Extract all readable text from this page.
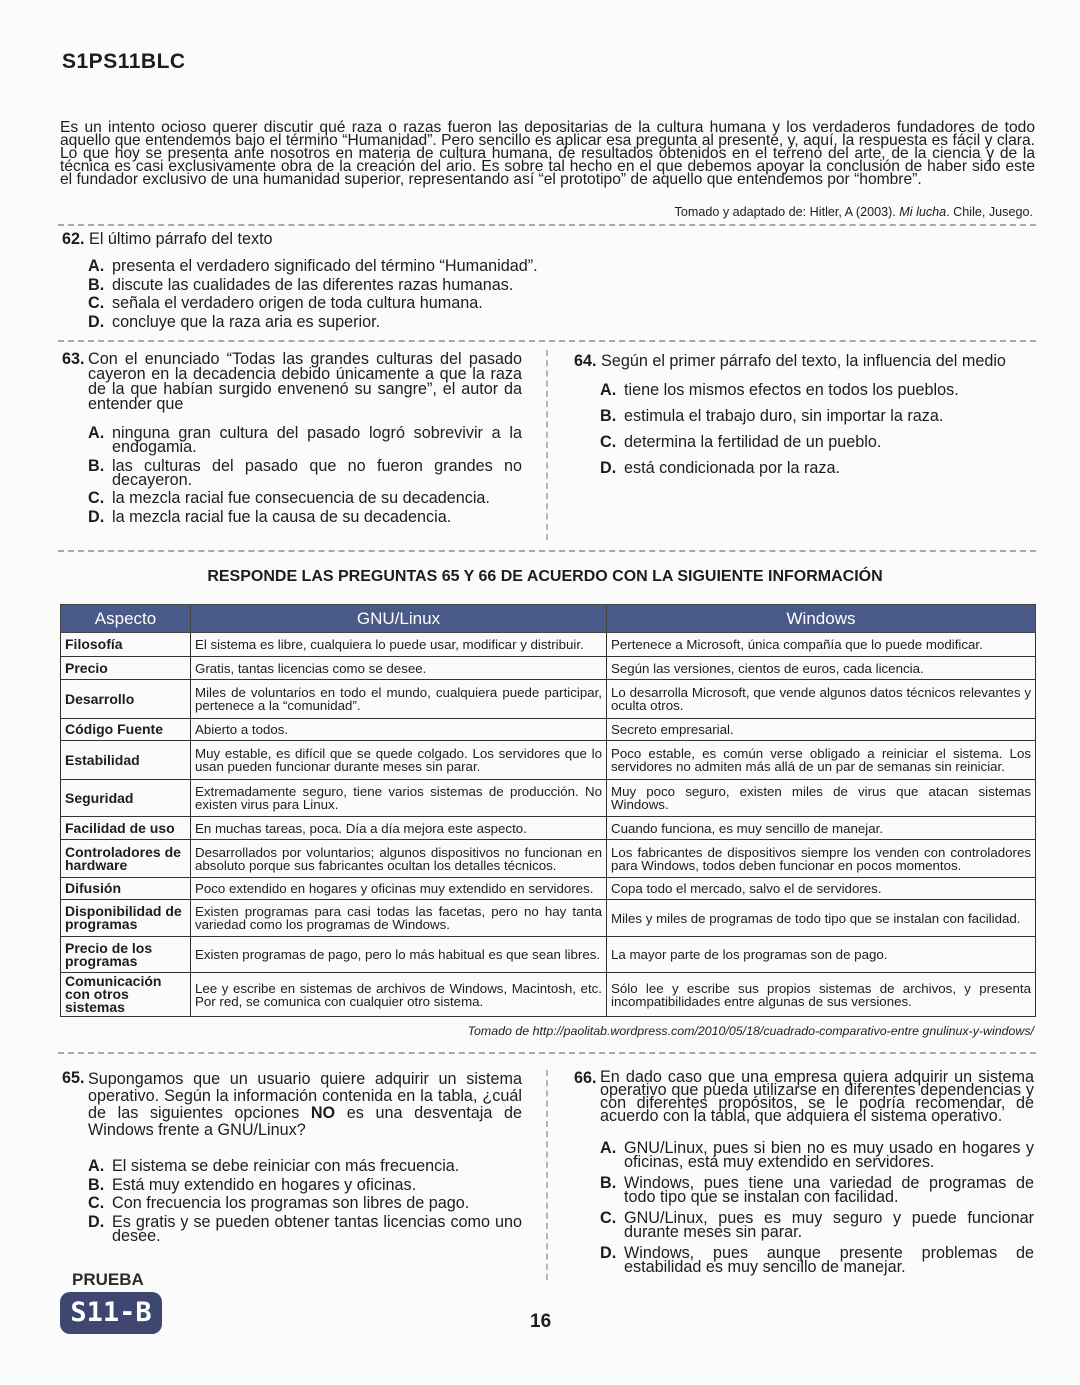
S1PS11BLC
Es un intento ocioso querer discutir qué raza o razas fueron las depositarias de la cultura humana y los verdaderos fundadores de todo aquello que entendemos bajo el término “Humanidad”. Pero sencillo es aplicar esa pregunta al presente, y, aquí, la respuesta es fácil y clara. Lo que hoy se presenta ante nosotros en materia de cultura humana, de resultados obtenidos en el terreno del arte, de la ciencia y de la técnica es casi exclusivamente obra de la creación del ario. Es sobre tal hecho en el que debemos apoyar la conclusión de haber sido este el fundador exclusivo de una humanidad superior, representando así “el prototipo” de aquello que entendemos por “hombre”.
Tomado y adaptado de: Hitler, A (2003). Mi lucha. Chile, Jusego.
62. El último párrafo del texto
A. presenta el verdadero significado del término “Humanidad”.
B. discute las cualidades de las diferentes razas humanas.
C. señala el verdadero origen de toda cultura humana.
D. concluye que la raza aria es superior.
63. Con el enunciado “Todas las grandes culturas del pasado cayeron en la decadencia debido únicamente a que la raza de la que habían surgido envenenó su sangre”, el autor da entender que
A. ninguna gran cultura del pasado logró sobrevivir a la endogamia.
B. las culturas del pasado que no fueron grandes no decayeron.
C. la mezcla racial fue consecuencia de su decadencia.
D. la mezcla racial fue la causa de su decadencia.
64. Según el primer párrafo del texto, la influencia del medio
A. tiene los mismos efectos en todos los pueblos.
B. estimula el trabajo duro, sin importar la raza.
C. determina la fertilidad de un pueblo.
D. está condicionada por la raza.
RESPONDE LAS PREGUNTAS 65 Y 66 DE ACUERDO CON LA SIGUIENTE INFORMACIÓN
Aspecto	GNU/Linux	Windows
Filosofía	El sistema es libre, cualquiera lo puede usar, modificar y distribuir.	Pertenece a Microsoft, única compañía que lo puede modificar.
Precio	Gratis, tantas licencias como se desee.	Según las versiones, cientos de euros, cada licencia.
Desarrollo	Miles de voluntarios en todo el mundo, cualquiera puede participar, pertenece a la “comunidad”.	Lo desarrolla Microsoft, que vende algunos datos técnicos relevantes y oculta otros.
Código Fuente	Abierto a todos.	Secreto empresarial.
Estabilidad	Muy estable, es difícil que se quede colgado. Los servidores que lo usan pueden funcionar durante meses sin parar.	Poco estable, es común verse obligado a reiniciar el sistema. Los servidores no admiten más allá de un par de semanas sin reiniciar.
Seguridad	Extremadamente seguro, tiene varios sistemas de producción. No existen virus para Linux.	Muy poco seguro, existen miles de virus que atacan sistemas Windows.
Facilidad de uso	En muchas tareas, poca. Día a día mejora este aspecto.	Cuando funciona, es muy sencillo de manejar.
Controladores de hardware	Desarrollados por voluntarios; algunos dispositivos no funcionan en absoluto porque sus fabricantes ocultan los detalles técnicos.	Los fabricantes de dispositivos siempre los venden con controladores para Windows, todos deben funcionar en pocos momentos.
Difusión	Poco extendido en hogares y oficinas muy extendido en servidores.	Copa todo el mercado, salvo el de servidores.
Disponibilidad de programas	Existen programas para casi todas las facetas, pero no hay tanta variedad como los programas de Windows.	Miles y miles de programas de todo tipo que se instalan con facilidad.
Precio de los programas	Existen programas de pago, pero lo más habitual es que sean libres.	La mayor parte de los programas son de pago.
Comunicación con otros sistemas	Lee y escribe en sistemas de archivos de Windows, Macintosh, etc. Por red, se comunica con cualquier otro sistema.	Sólo lee y escribe sus propios sistemas de archivos, y presenta incompatibilidades entre algunas de sus versiones.
Tomado de http://paolitab.wordpress.com/2010/05/18/cuadrado-comparativo-entre gnulinux-y-windows/
65. Supongamos que un usuario quiere adquirir un sistema operativo. Según la información contenida en la tabla, ¿cuál de las siguientes opciones NO es una desventaja de Windows frente a GNU/Linux?
A. El sistema se debe reiniciar con más frecuencia.
B. Está muy extendido en hogares y oficinas.
C. Con frecuencia los programas son libres de pago.
D. Es gratis y se pueden obtener tantas licencias como uno desee.
66. En dado caso que una empresa quiera adquirir un sistema operativo que pueda utilizarse en diferentes dependencias y con diferentes propósitos, se le podría recomendar, de acuerdo con la tabla, que adquiera el sistema operativo.
A. GNU/Linux, pues si bien no es muy usado en hogares y oficinas, está muy extendido en servidores.
B. Windows, pues tiene una variedad de programas de todo tipo que se instalan con facilidad.
C. GNU/Linux, pues es muy seguro y puede funcionar durante meses sin parar.
D. Windows, pues aunque presente problemas de estabilidad es muy sencillo de manejar.
PRUEBA
S11-B	16
